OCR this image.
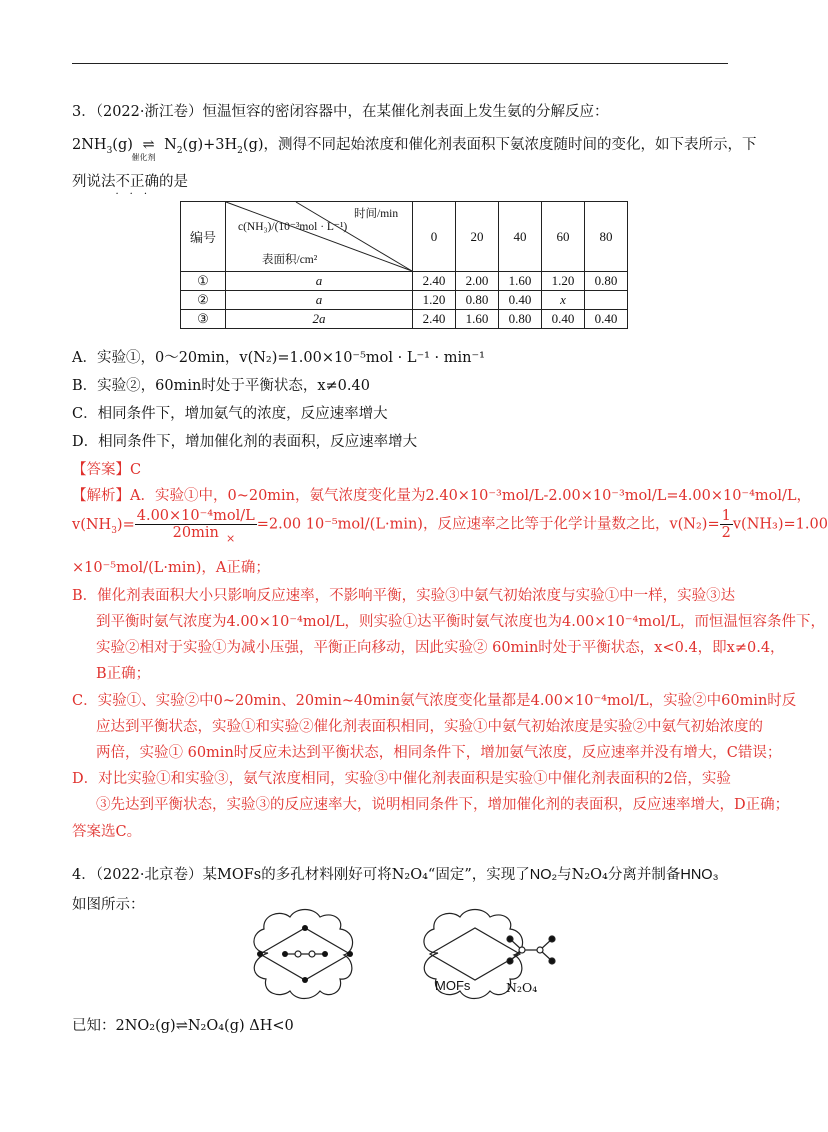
3．（2022·浙江卷）恒温恒容的密闭容器中，在某催化剂表面上发生氨的分解反应：
$2NH_3(g)$ ⇌
催化剂
$N_2(g)+3H_2(g)$，测得不同起始浓度和催化剂表面积下氨浓度随时间的变化，如下表所示，下
列说法不正确
···
的是
编号	c(NH₃)/(10⁻³mol · L⁻¹)
时间/min
表面积/cm²	0	20	40	60	80
①	a	2.40	2.00	1.60	1.20	0.80
②	a	1.20	0.80	0.40	x	
③	2a	2.40	1.60	0.80	0.40	0.40
A．实验①，0～20min，v(N₂)=1.00×10⁻⁵mol · L⁻¹ · min⁻¹
B．实验②，60min时处于平衡状态，x≠0.40
C．相同条件下，增加氨气的浓度，反应速率增大
D．相同条件下，增加催化剂的表面积，反应速率增大
【答案】C
【解析】A．实验①中，0~20min，氨气浓度变化量为2.40×10⁻³mol/L-2.00×10⁻³mol/L=4.00×10⁻⁴mol/L，
$v(NH_3)= \frac{\text{4.00×10⁻⁴mol/L}}{20\min} =2.00$ 10⁻⁵mol/(L·min)，反应速率之比等于化学计量数之比，$v(N_2)= \frac{1}{2} v(NH_3)=1.00$
×
×10⁻⁵mol/(L·min)，A正确；
B．催化剂表面积大小只影响反应速率，不影响平衡，实验③中氨气初始浓度与实验①中一样，实验③达
到平衡时氨气浓度为4.00×10⁻⁴mol/L，则实验①达平衡时氨气浓度也为4.00×10⁻⁴mol/L，而恒温恒容条件下，
实验②相对于实验①为减小压强，平衡正向移动，因此实验② 60min时处于平衡状态，x<0.4，即x≠0.4，
B正确；
C．实验①、实验②中0~20min、20min~40min氨气浓度变化量都是4.00×10⁻⁴mol/L，实验②中60min时反
应达到平衡状态，实验①和实验②催化剂表面积相同，实验①中氨气初始浓度是实验②中氨气初始浓度的
两倍，实验① 60min时反应未达到平衡状态，相同条件下，增加氨气浓度，反应速率并没有增大，C错误；
D．对比实验①和实验③，氨气浓度相同，实验③中催化剂表面积是实验①中催化剂表面积的2倍，实验
③先达到平衡状态，实验③的反应速率大，说明相同条件下，增加催化剂的表面积，反应速率增大，D正确；
答案选C。
4．（2022·北京卷）某MOFs的多孔材料刚好可将N₂O₄“固定”，实现了NO₂与N₂O₄分离并制备HNO₃
如图所示：
MOFs	N₂O₄
已知：2NO₂(g)⇌N₂O₄(g) ΔH<0
